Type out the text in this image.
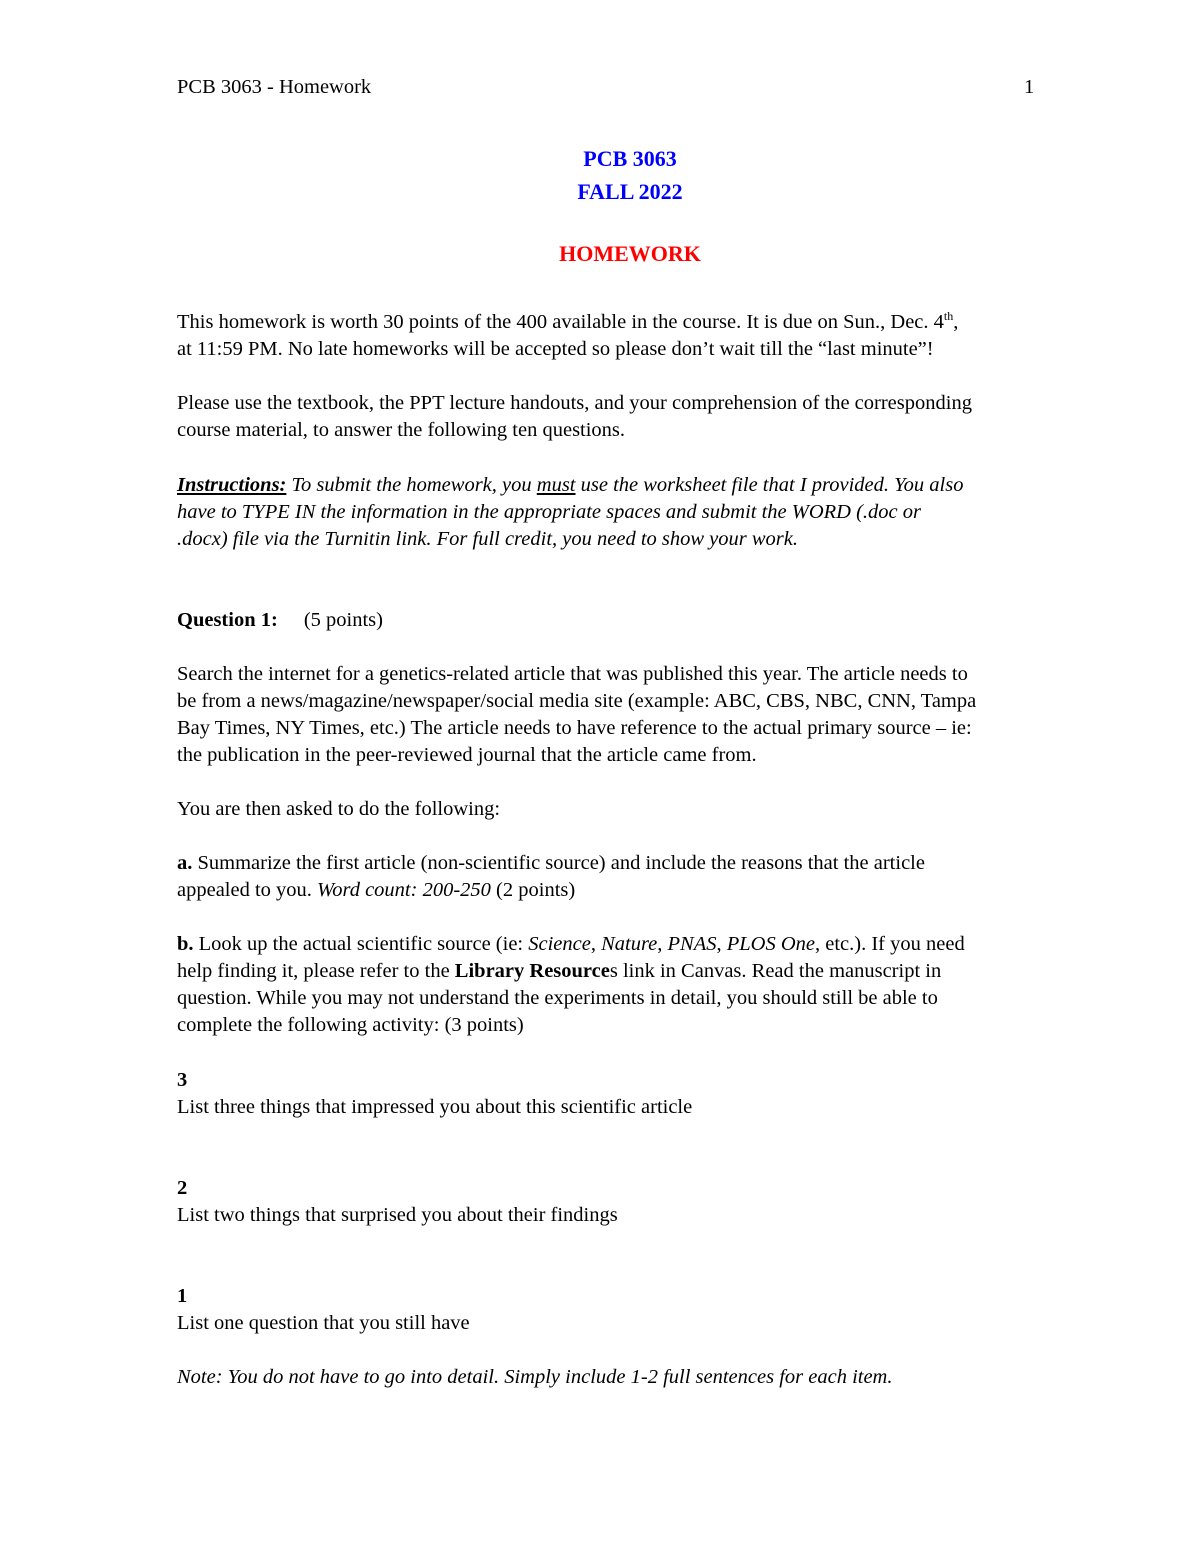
PCB 3063 - Homework	1
PCB 3063
FALL 2022
HOMEWORK
This homework is worth 30 points of the 400 available in the course. It is due on Sun., Dec. 4th,
at 11:59 PM. No late homeworks will be accepted so please don’t wait till the “last minute”!
Please use the textbook, the PPT lecture handouts, and your comprehension of the corresponding
course material, to answer the following ten questions.
Instructions: To submit the homework, you must use the worksheet file that I provided. You also
have to TYPE IN the information in the appropriate spaces and submit the WORD (.doc or
.docx) file via the Turnitin link. For full credit, you need to show your work.
Question 1: (5 points)
Search the internet for a genetics-related article that was published this year. The article needs to
be from a news/magazine/newspaper/social media site (example: ABC, CBS, NBC, CNN, Tampa
Bay Times, NY Times, etc.) The article needs to have reference to the actual primary source – ie:
the publication in the peer-reviewed journal that the article came from.
You are then asked to do the following:
a. Summarize the first article (non-scientific source) and include the reasons that the article
appealed to you. Word count: 200-250 (2 points)
b. Look up the actual scientific source (ie: Science, Nature, PNAS, PLOS One, etc.). If you need
help finding it, please refer to the Library Resources link in Canvas. Read the manuscript in
question. While you may not understand the experiments in detail, you should still be able to
complete the following activity: (3 points)
3
List three things that impressed you about this scientific article
2
List two things that surprised you about their findings
1
List one question that you still have
Note: You do not have to go into detail. Simply include 1-2 full sentences for each item.
